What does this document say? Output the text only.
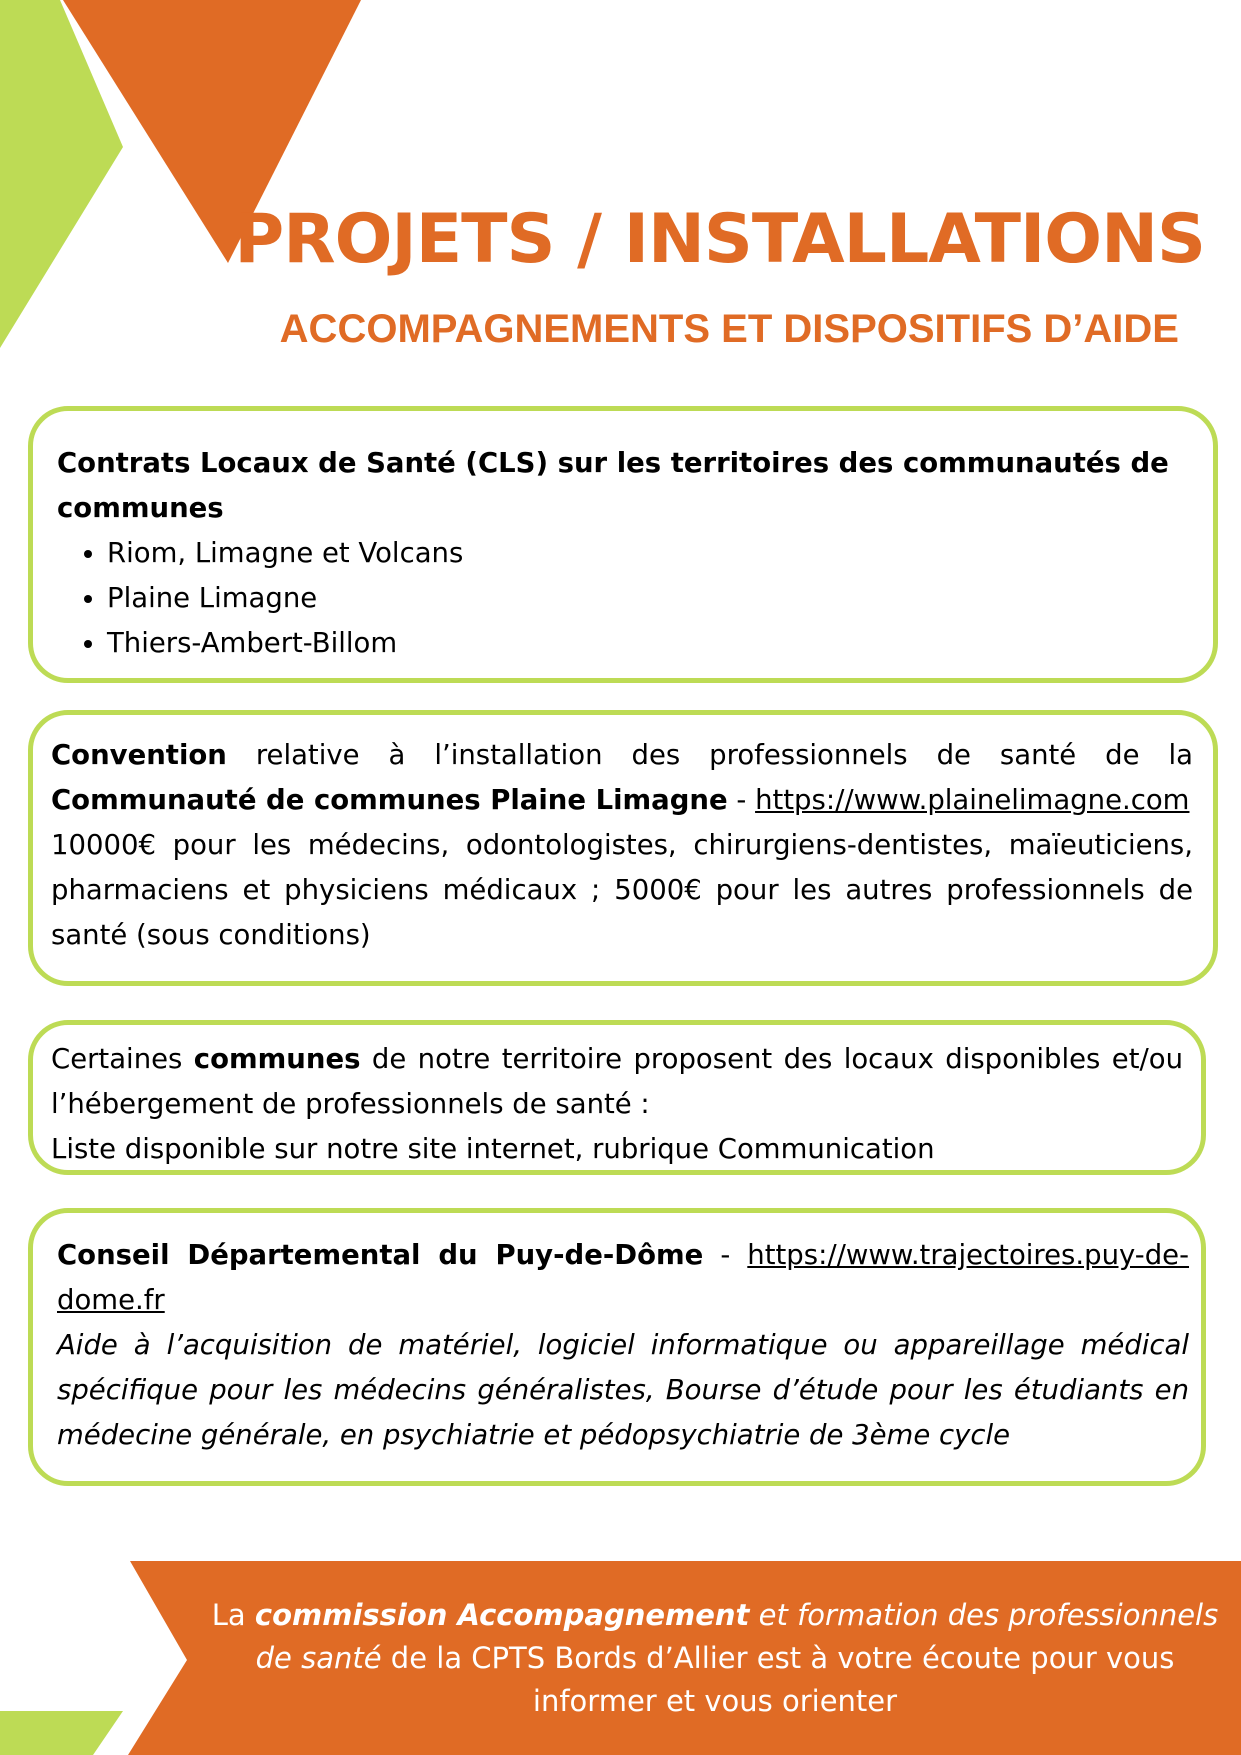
PROJETS / INSTALLATIONS
ACCOMPAGNEMENTS ET DISPOSITIFS D’AIDE

Contrats Locaux de Santé (CLS) sur les territoires des communautés de communes

• Riom, Limagne et Volcans
• Plaine Limagne
• Thiers-Ambert-Billom

Convention relative à l’installation des professionnels de santé de la Communauté de communes Plaine Limagne - https://www.plainelimagne.com

10000€ pour les médecins, odontologistes, chirurgiens-dentistes, maïeuticiens, pharmaciens et physiciens médicaux ; 5000€ pour les autres professionnels de santé (sous conditions)

Certaines communes de notre territoire proposent des locaux disponibles et/ou l’hébergement de professionnels de santé :

Liste disponible sur notre site internet, rubrique Communication

Conseil Départemental du Puy-de-Dôme - https://www.trajectoires.puy-de-dome.fr

Aide à l’acquisition de matériel, logiciel informatique ou appareillage médical spécifique pour les médecins généralistes, Bourse d’étude pour les étudiants en médecine générale, en psychiatrie et pédopsychiatrie de 3ème cycle

La commission Accompagnement et formation des professionnels de santé de la CPTS Bords d’Allier est à votre écoute pour vous informer et vous orienter
